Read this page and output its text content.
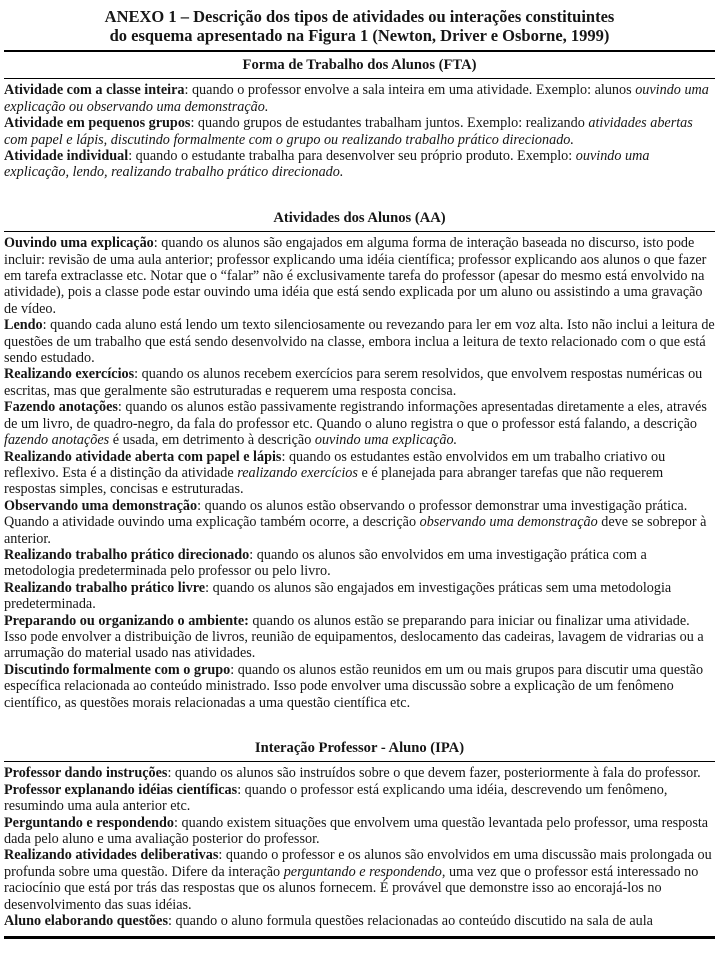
ANEXO 1 – Descrição dos tipos de atividades ou interações constituintes
do esquema apresentado na Figura 1 (Newton, Driver e Osborne, 1999)
Forma de Trabalho dos Alunos (FTA)

Atividade com a classe inteira: quando o professor envolve a sala inteira em uma atividade. Exemplo: alunos ouvindo uma explicação ou observando uma demonstração.

Atividade em pequenos grupos: quando grupos de estudantes trabalham juntos. Exemplo: realizando atividades abertas com papel e lápis, discutindo formalmente com o grupo ou realizando trabalho prático direcionado.

Atividade individual: quando o estudante trabalha para desenvolver seu próprio produto. Exemplo: ouvindo uma explicação, lendo, realizando trabalho prático direcionado.

Atividades dos Alunos (AA)

Ouvindo uma explicação: quando os alunos são engajados em alguma forma de interação baseada no discurso, isto pode incluir: revisão de uma aula anterior; professor explicando uma idéia científica; professor explicando aos alunos o que fazer em tarefa extraclasse etc. Notar que o “falar” não é exclusivamente tarefa do professor (apesar do mesmo está envolvido na atividade), pois a classe pode estar ouvindo uma idéia que está sendo explicada por um aluno ou assistindo a uma gravação de vídeo.

Lendo: quando cada aluno está lendo um texto silenciosamente ou revezando para ler em voz alta. Isto não inclui a leitura de questões de um trabalho que está sendo desenvolvido na classe, embora inclua a leitura de texto relacionado com o que está sendo estudado.

Realizando exercícios: quando os alunos recebem exercícios para serem resolvidos, que envolvem respostas numéricas ou escritas, mas que geralmente são estruturadas e requerem uma resposta concisa.

Fazendo anotações: quando os alunos estão passivamente registrando informações apresentadas diretamente a eles, através de um livro, de quadro-negro, da fala do professor etc. Quando o aluno registra o que o professor está falando, a descrição fazendo anotações é usada, em detrimento à descrição ouvindo uma explicação.

Realizando atividade aberta com papel e lápis: quando os estudantes estão envolvidos em um trabalho criativo ou reflexivo. Esta é a distinção da atividade realizando exercícios e é planejada para abranger tarefas que não requerem respostas simples, concisas e estruturadas.

Observando uma demonstração: quando os alunos estão observando o professor demonstrar uma investigação prática. Quando a atividade ouvindo uma explicação também ocorre, a descrição observando uma demonstração deve se sobrepor à anterior.

Realizando trabalho prático direcionado: quando os alunos são envolvidos em uma investigação prática com a metodologia predeterminada pelo professor ou pelo livro.

Realizando trabalho prático livre: quando os alunos são engajados em investigações práticas sem uma metodologia predeterminada.

Preparando ou organizando o ambiente: quando os alunos estão se preparando para iniciar ou finalizar uma atividade. Isso pode envolver a distribuição de livros, reunião de equipamentos, deslocamento das cadeiras, lavagem de vidrarias ou a arrumação do material usado nas atividades.

Discutindo formalmente com o grupo: quando os alunos estão reunidos em um ou mais grupos para discutir uma questão específica relacionada ao conteúdo ministrado. Isso pode envolver uma discussão sobre a explicação de um fenômeno científico, as questões morais relacionadas a uma questão científica etc.

Interação Professor - Aluno (IPA)

Professor dando instruções: quando os alunos são instruídos sobre o que devem fazer, posteriormente à fala do professor.

Professor explanando idéias científicas: quando o professor está explicando uma idéia, descrevendo um fenômeno, resumindo uma aula anterior etc.

Perguntando e respondendo: quando existem situações que envolvem uma questão levantada pelo professor, uma resposta dada pelo aluno e uma avaliação posterior do professor.

Realizando atividades deliberativas: quando o professor e os alunos são envolvidos em uma discussão mais prolongada ou profunda sobre uma questão. Difere da interação perguntando e respondendo, uma vez que o professor está interessado no raciocínio que está por trás das respostas que os alunos fornecem. É provável que demonstre isso ao encorajá-los no desenvolvimento das suas idéias.

Aluno elaborando questões: quando o aluno formula questões relacionadas ao conteúdo discutido na sala de aula
